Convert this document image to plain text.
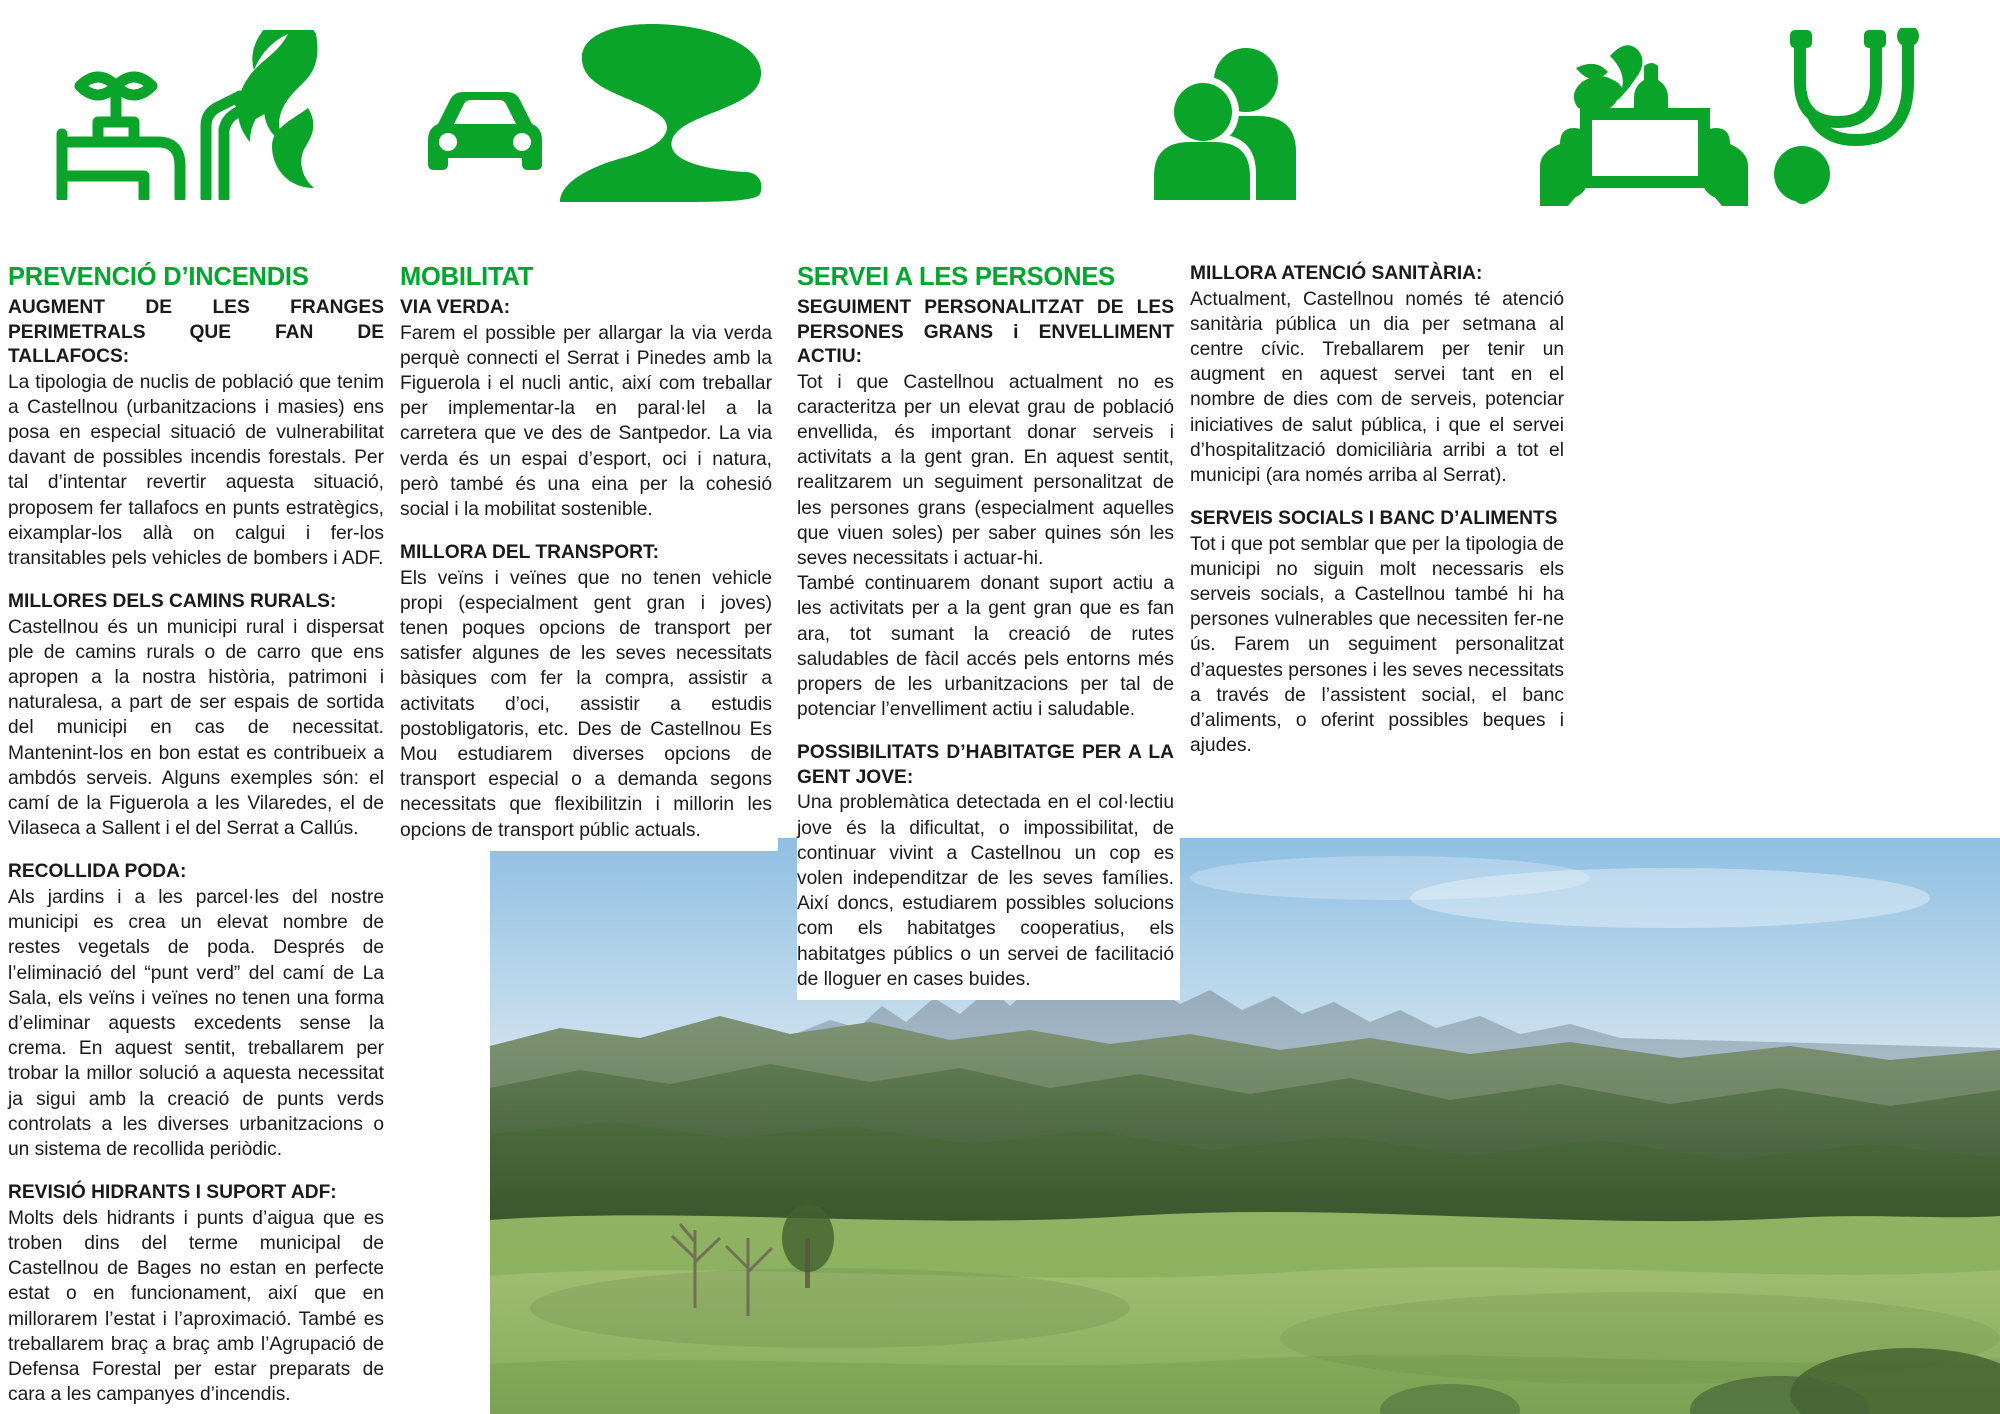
PREVENCIÓ D’INCENDIS
AUGMENT DE LES FRANGES PERIMETRALS QUE FAN DE TALLAFOCS:
La tipologia de nuclis de població que tenim a Castellnou (urbanitzacions i masies) ens posa en especial situació de vulnerabilitat davant de possibles incendis forestals. Per tal d’intentar revertir aquesta situació, proposem fer tallafocs en punts estratègics, eixamplar-los allà on calgui i fer-los transitables pels vehicles de bombers i ADF.
MILLORES DELS CAMINS RURALS:
Castellnou és un municipi rural i dispersat ple de camins rurals o de carro que ens apropen a la nostra història, patrimoni i naturalesa, a part de ser espais de sortida del municipi en cas de necessitat. Mantenint-los en bon estat es contribueix a ambdós serveis. Alguns exemples són: el camí de la Figuerola a les Vilaredes, el de Vilaseca a Sallent i el del Serrat a Callús.
RECOLLIDA PODA:
Als jardins i a les parcel·les del nostre municipi es crea un elevat nombre de restes vegetals de poda. Després de l’eliminació del “punt verd” del camí de La Sala, els veïns i veïnes no tenen una forma d’eliminar aquests excedents sense la crema. En aquest sentit, treballarem per trobar la millor solució a aquesta necessitat ja sigui amb la creació de punts verds controlats a les diverses urbanitzacions o un sistema de recollida periòdic.
REVISIÓ HIDRANTS I SUPORT ADF:
Molts dels hidrants i punts d’aigua que es troben dins del terme municipal de Castellnou de Bages no estan en perfecte estat o en funcionament, així que en millorarem l’estat i l’aproximació. També es treballarem braç a braç amb l’Agrupació de Defensa Forestal per estar preparats de cara a les campanyes d’incendis.
MOBILITAT
VIA VERDA:
Farem el possible per allargar la via verda perquè connecti el Serrat i Pinedes amb la Figuerola i el nucli antic, així com treballar per implementar-la en paral·lel a la carretera que ve des de Santpedor. La via verda és un espai d’esport, oci i natura, però també és una eina per la cohesió social i la mobilitat sostenible.
MILLORA DEL TRANSPORT:
Els veïns i veïnes que no tenen vehicle propi (especialment gent gran i joves) tenen poques opcions de transport per satisfer algunes de les seves necessitats bàsiques com fer la compra, assistir a activitats d’oci, assistir a estudis postobligatoris, etc. Des de Castellnou Es Mou estudiarem diverses opcions de transport especial o a demanda segons necessitats que flexibilitzin i millorin les opcions de transport públic actuals.
SERVEI A LES PERSONES
SEGUIMENT PERSONALITZAT DE LES PERSONES GRANS i ENVELLIMENT ACTIU:
Tot i que Castellnou actualment no es caracteritza per un elevat grau de població envellida, és important donar serveis i activitats a la gent gran. En aquest sentit, realitzarem un seguiment personalitzat de les persones grans (especialment aquelles que viuen soles) per saber quines són les seves necessitats i actuar-hi.
També continuarem donant suport actiu a les activitats per a la gent gran que es fan ara, tot sumant la creació de rutes saludables de fàcil accés pels entorns més propers de les urbanitzacions per tal de potenciar l’envelliment actiu i saludable.
POSSIBILITATS D’HABITATGE PER A LA GENT JOVE:
Una problemàtica detectada en el col·lectiu jove és la dificultat, o impossibilitat, de continuar vivint a Castellnou un cop es volen independitzar de les seves famílies. Així doncs, estudiarem possibles solucions com els habitatges cooperatius, els habitatges públics o un servei de facilitació de lloguer en cases buides.
MILLORA ATENCIÓ SANITÀRIA:
Actualment, Castellnou només té atenció sanitària pública un dia per setmana al centre cívic. Treballarem per tenir un augment en aquest servei tant en el nombre de dies com de serveis, potenciar iniciatives de salut pública, i que el servei d’hospitalització domiciliària arribi a tot el municipi (ara només arriba al Serrat).
SERVEIS SOCIALS I BANC D’ALIMENTS
Tot i que pot semblar que per la tipologia de municipi no siguin molt necessaris els serveis socials, a Castellnou també hi ha persones vulnerables que necessiten fer-ne ús. Farem un seguiment personalitzat d’aquestes persones i les seves necessitats a través de l’assistent social, el banc d’aliments, o oferint possibles beques i ajudes.
